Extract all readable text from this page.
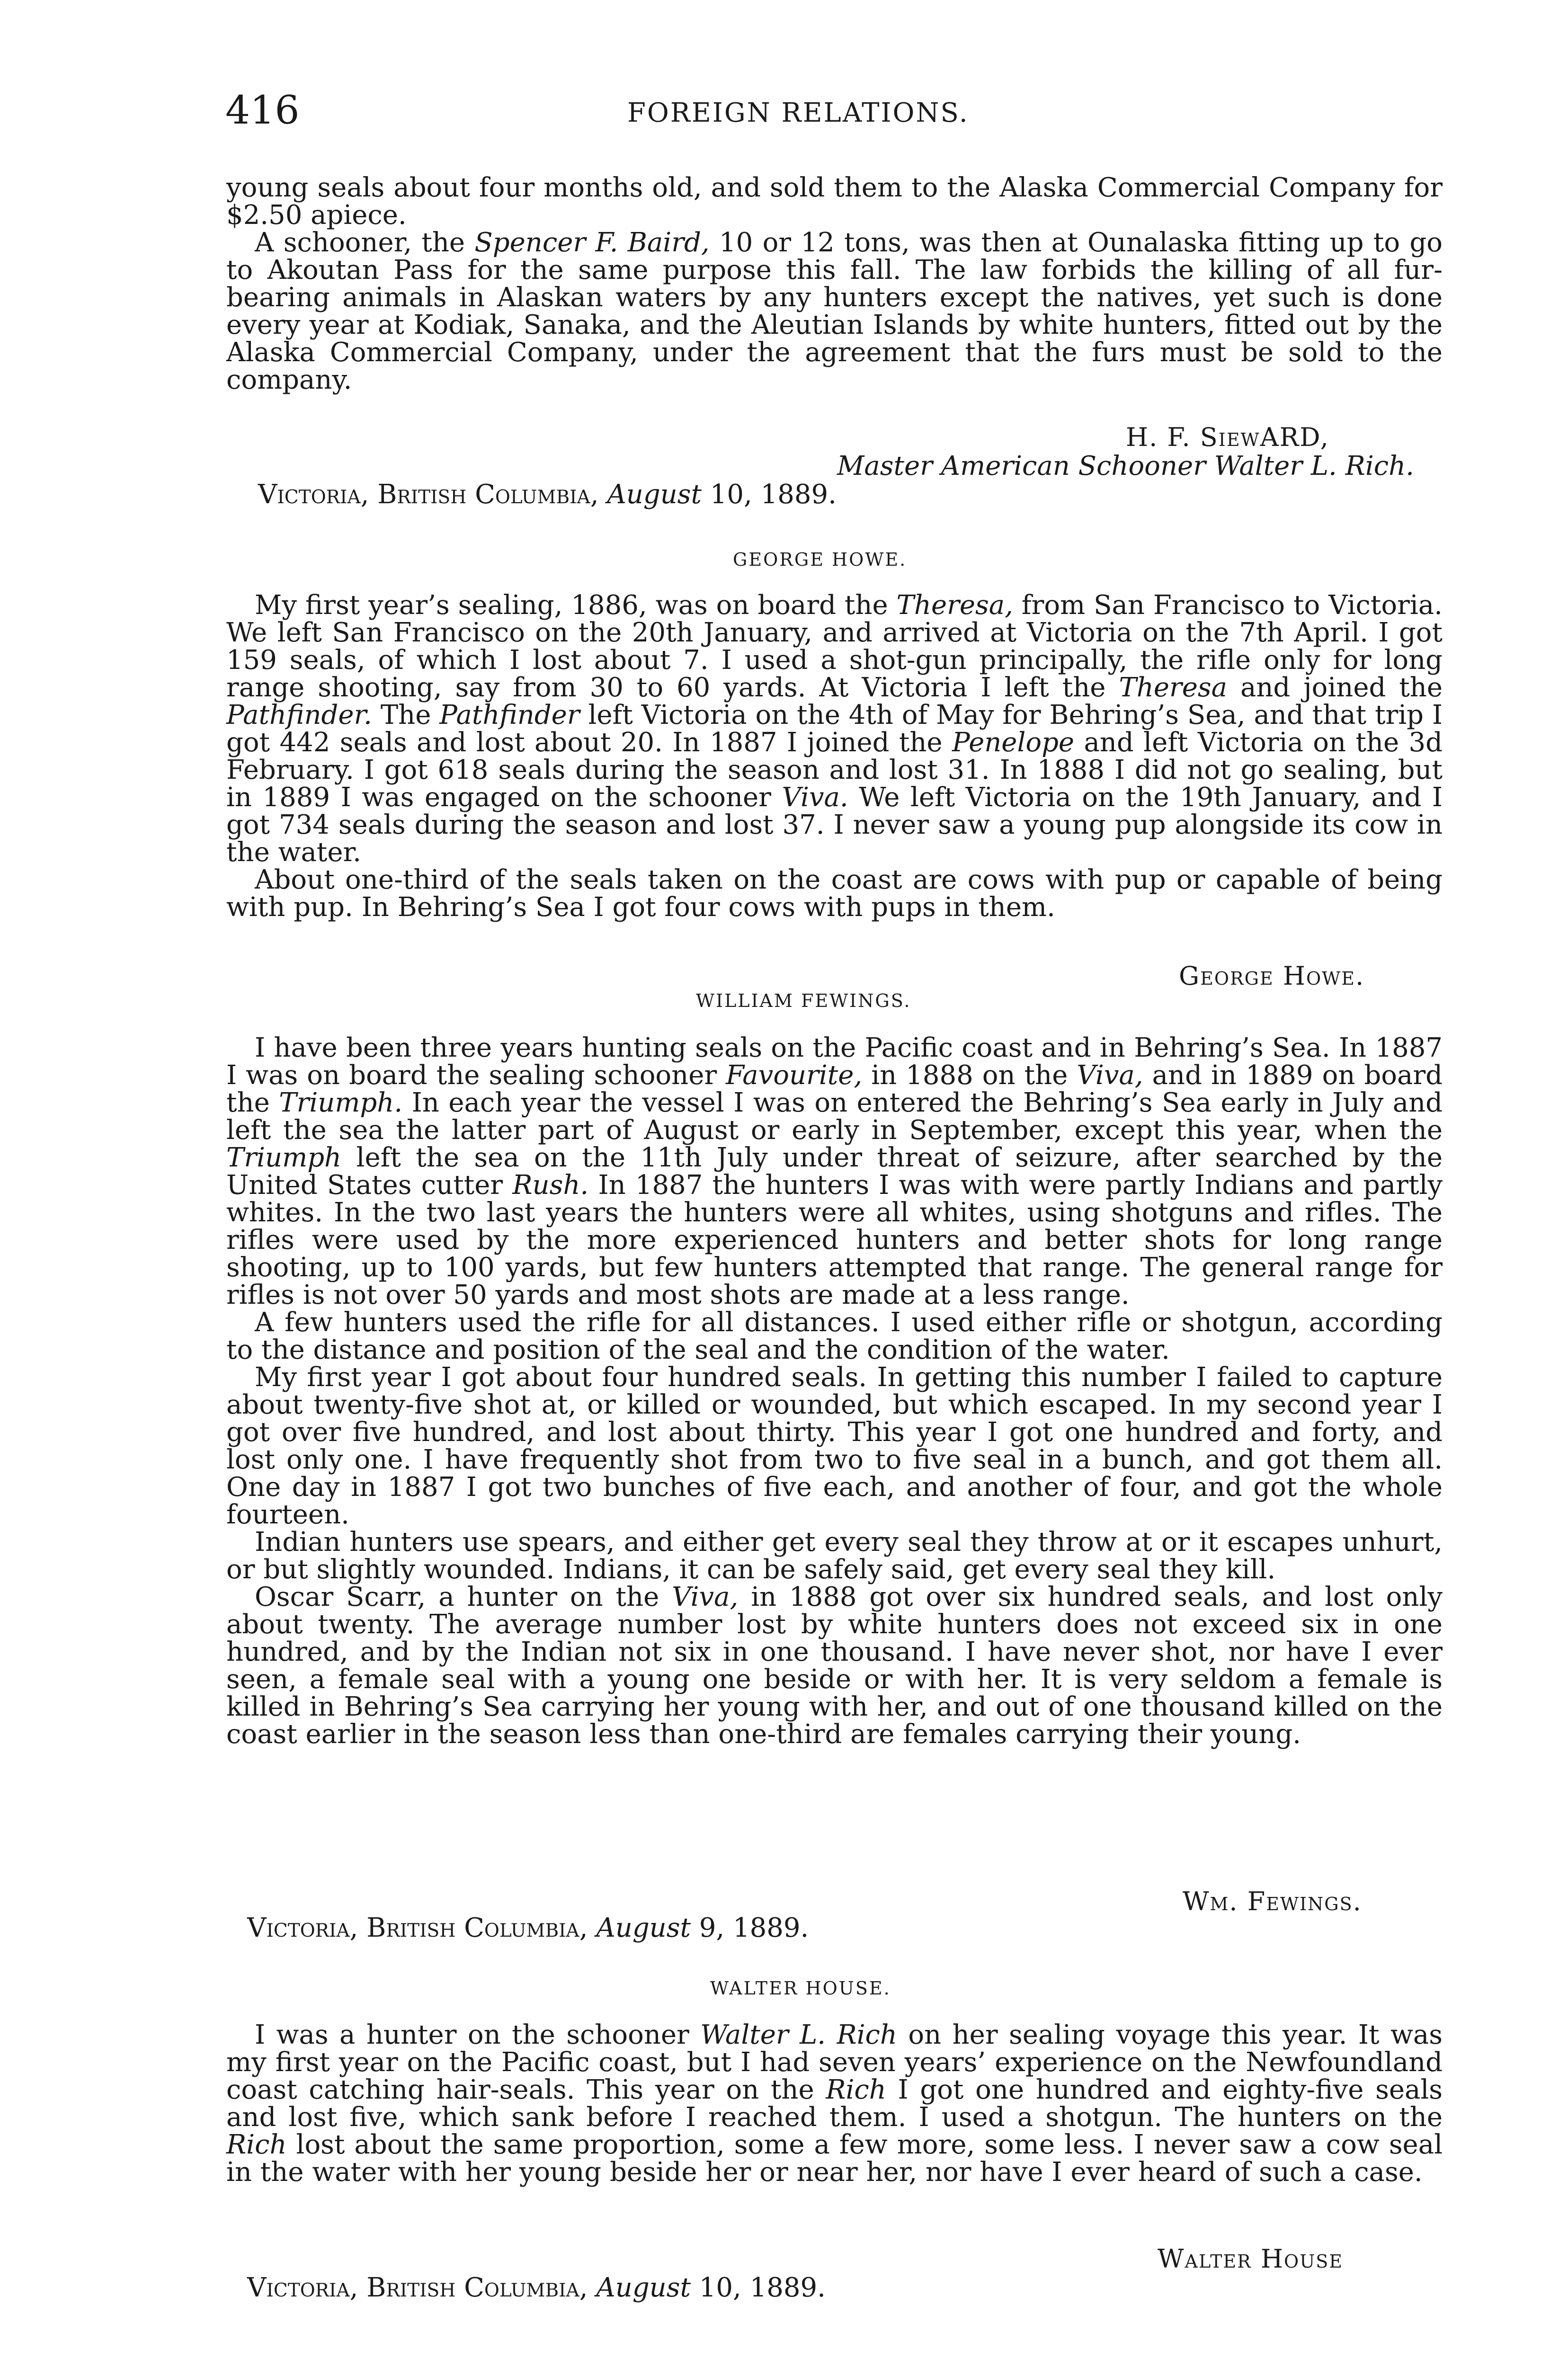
416	FOREIGN RELATIONS.

young seals about four months old, and sold them to the Alaska Commercial Company for $2.50 apiece.

A schooner, the Spencer F. Baird, 10 or 12 tons, was then at Ounalaska fitting up to go to Akoutan Pass for the same purpose this fall. The law forbids the killing of all fur-bearing animals in Alaskan waters by any hunters except the natives, yet such is done every year at Kodiak, Sanaka, and the Aleutian Islands by white hunters, fitted out by the Alaska Commercial Company, under the agreement that the furs must be sold to the company.

H. F. SiewARD,
Master American Schooner Walter L. Rich.
Victoria, British Columbia, August 10, 1889.
GEORGE HOWE.

My first year’s sealing, 1886, was on board the Theresa, from San Francisco to Victoria. We left San Francisco on the 20th January, and arrived at Victoria on the 7th April. I got 159 seals, of which I lost about 7. I used a shot-gun principally, the rifle only for long range shooting, say from 30 to 60 yards. At Victoria I left the Theresa and joined the Pathfinder. The Pathfinder left Victoria on the 4th of May for Behring’s Sea, and that trip I got 442 seals and lost about 20. In 1887 I joined the Penelope and left Victoria on the 3d February. I got 618 seals during the season and lost 31. In 1888 I did not go sealing, but in 1889 I was engaged on the schooner Viva. We left Victoria on the 19th January, and I got 734 seals during the season and lost 37. I never saw a young pup alongside its cow in the water.

About one-third of the seals taken on the coast are cows with pup or capable of being with pup. In Behring’s Sea I got four cows with pups in them.

George Howe.
WILLIAM FEWINGS.

I have been three years hunting seals on the Pacific coast and in Behring’s Sea. In 1887 I was on board the sealing schooner Favourite, in 1888 on the Viva, and in 1889 on board the Triumph. In each year the vessel I was on entered the Behring’s Sea early in July and left the sea the latter part of August or early in September, except this year, when the Triumph left the sea on the 11th July under threat of seizure, after searched by the United States cutter Rush. In 1887 the hunters I was with were partly Indians and partly whites. In the two last years the hunters were all whites, using shotguns and rifles. The rifles were used by the more experienced hunters and better shots for long range shooting, up to 100 yards, but few hunters attempted that range. The general range for rifles is not over 50 yards and most shots are made at a less range.

A few hunters used the rifle for all distances. I used either rifle or shotgun, according to the distance and position of the seal and the condition of the water.

My first year I got about four hundred seals. In getting this number I failed to capture about twenty-five shot at, or killed or wounded, but which escaped. In my second year I got over five hundred, and lost about thirty. This year I got one hundred and forty, and lost only one. I have frequently shot from two to five seal in a bunch, and got them all. One day in 1887 I got two bunches of five each, and another of four, and got the whole fourteen.

Indian hunters use spears, and either get every seal they throw at or it escapes unhurt, or but slightly wounded. Indians, it can be safely said, get every seal they kill.

Oscar Scarr, a hunter on the Viva, in 1888 got over six hundred seals, and lost only about twenty. The average number lost by white hunters does not exceed six in one hundred, and by the Indian not six in one thousand. I have never shot, nor have I ever seen, a female seal with a young one beside or with her. It is very seldom a female is killed in Behring’s Sea carrying her young with her, and out of one thousand killed on the coast earlier in the season less than one-third are females carrying their young.

Wm. Fewings.
Victoria, British Columbia, August 9, 1889.
WALTER HOUSE.

I was a hunter on the schooner Walter L. Rich on her sealing voyage this year. It was my first year on the Pacific coast, but I had seven years’ experience on the Newfoundland coast catching hair-seals. This year on the Rich I got one hundred and eighty-five seals and lost five, which sank before I reached them. I used a shotgun. The hunters on the Rich lost about the same proportion, some a few more, some less. I never saw a cow seal in the water with her young beside her or near her, nor have I ever heard of such a case.

Walter House
Victoria, British Columbia, August 10, 1889.
